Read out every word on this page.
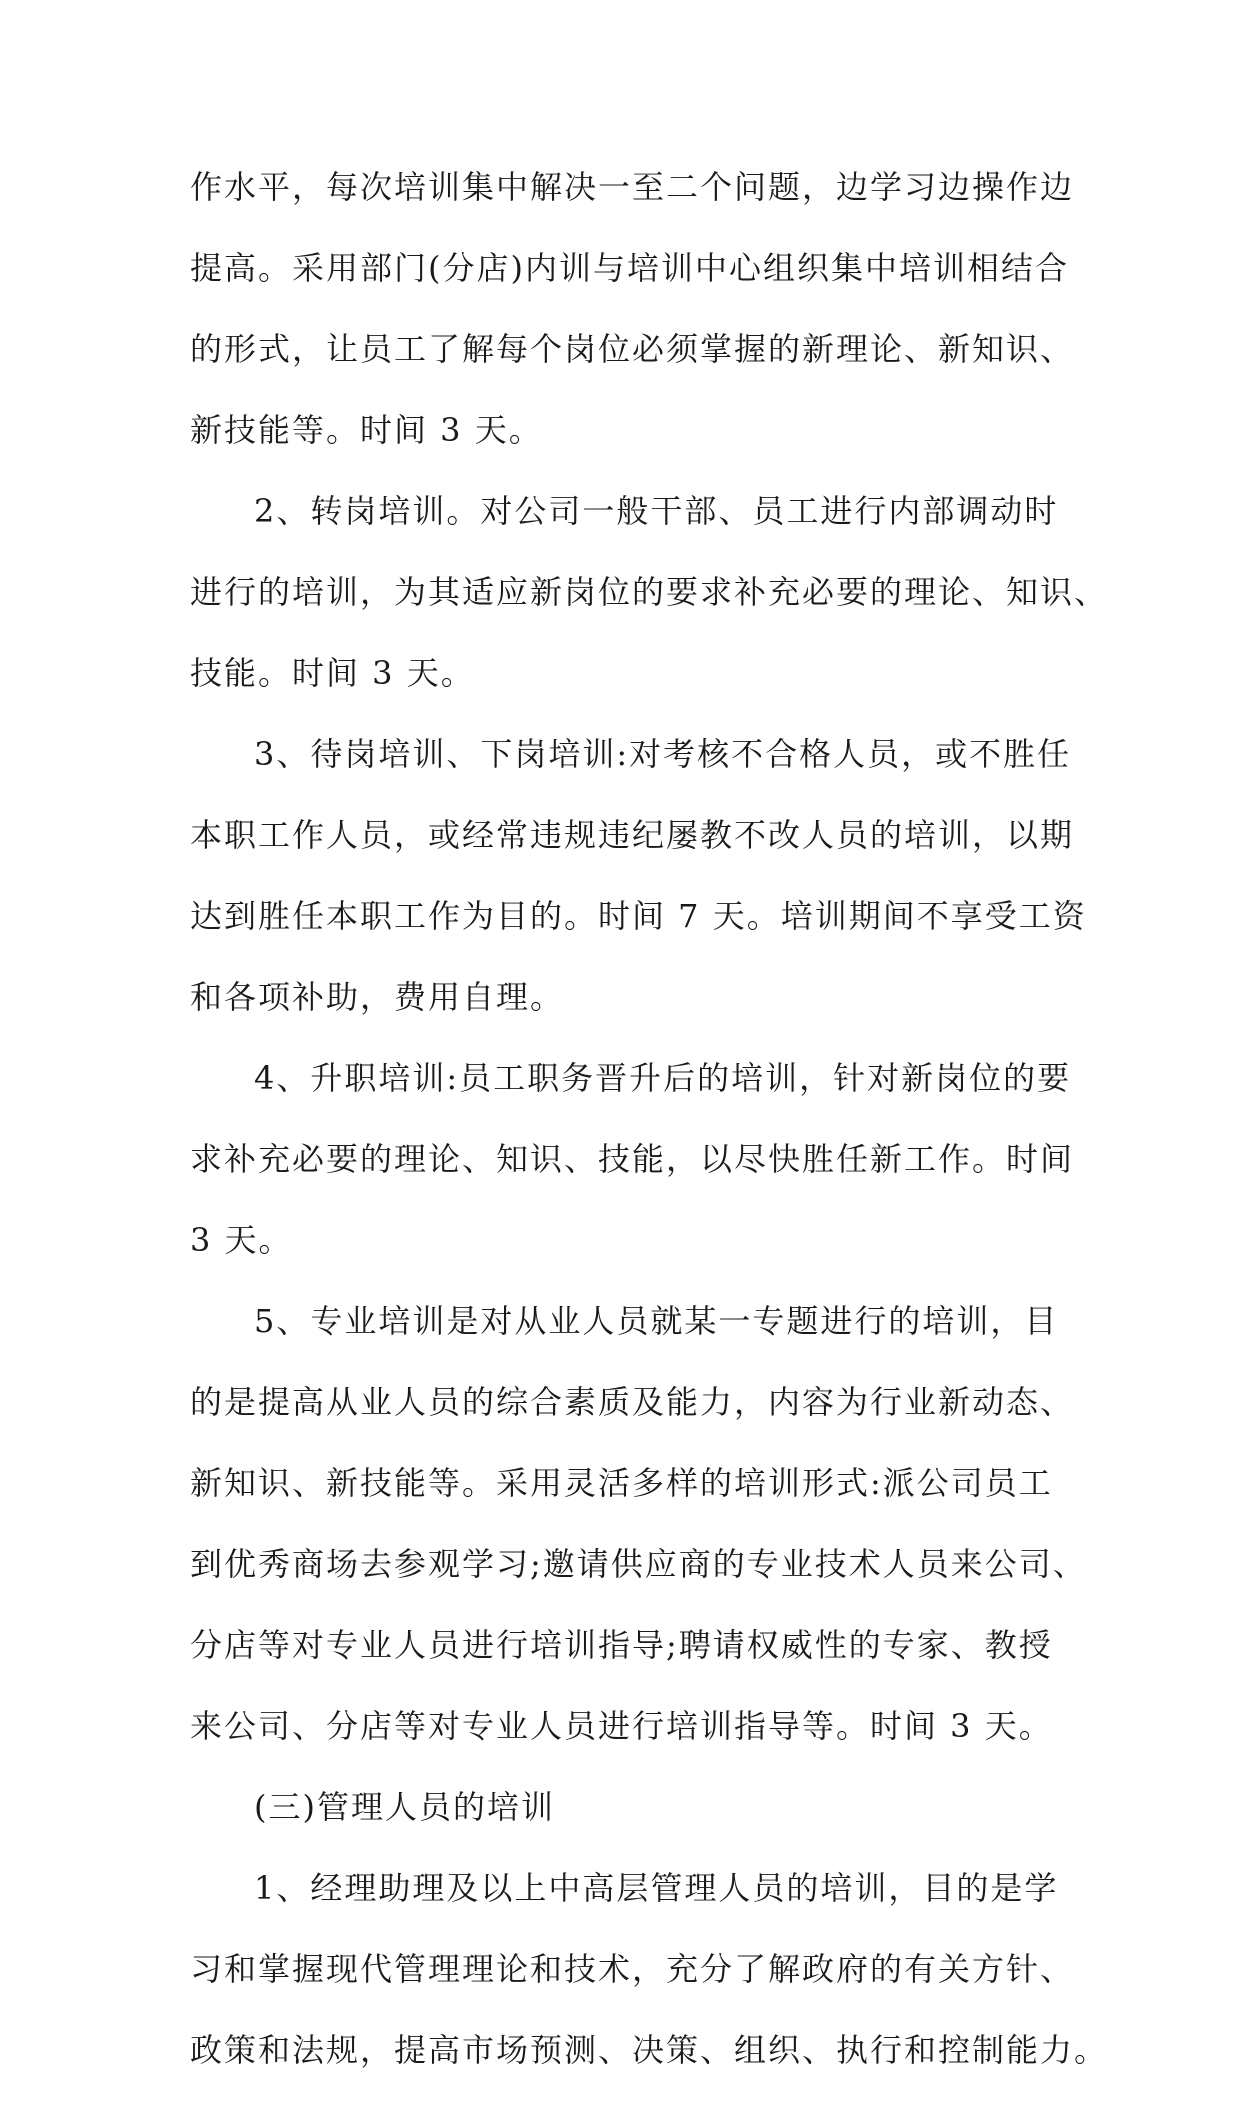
作水平，每次培训集中解决一至二个问题，边学习边操作边
提高。采用部门(分店)内训与培训中心组织集中培训相结合
的形式，让员工了解每个岗位必须掌握的新理论、新知识、
新技能等。时间 3 天。
2、转岗培训。对公司一般干部、员工进行内部调动时
进行的培训，为其适应新岗位的要求补充必要的理论、知识、
技能。时间 3 天。
3、待岗培训、下岗培训:对考核不合格人员，或不胜任
本职工作人员，或经常违规违纪屡教不改人员的培训，以期
达到胜任本职工作为目的。时间 7 天。培训期间不享受工资
和各项补助，费用自理。
4、升职培训:员工职务晋升后的培训，针对新岗位的要
求补充必要的理论、知识、技能，以尽快胜任新工作。时间
3 天。
5、专业培训是对从业人员就某一专题进行的培训，目
的是提高从业人员的综合素质及能力，内容为行业新动态、
新知识、新技能等。采用灵活多样的培训形式:派公司员工
到优秀商场去参观学习;邀请供应商的专业技术人员来公司、
分店等对专业人员进行培训指导;聘请权威性的专家、教授
来公司、分店等对专业人员进行培训指导等。时间 3 天。
(三)管理人员的培训
1、经理助理及以上中高层管理人员的培训，目的是学
习和掌握现代管理理论和技术，充分了解政府的有关方针、
政策和法规，提高市场预测、决策、组织、执行和控制能力。
